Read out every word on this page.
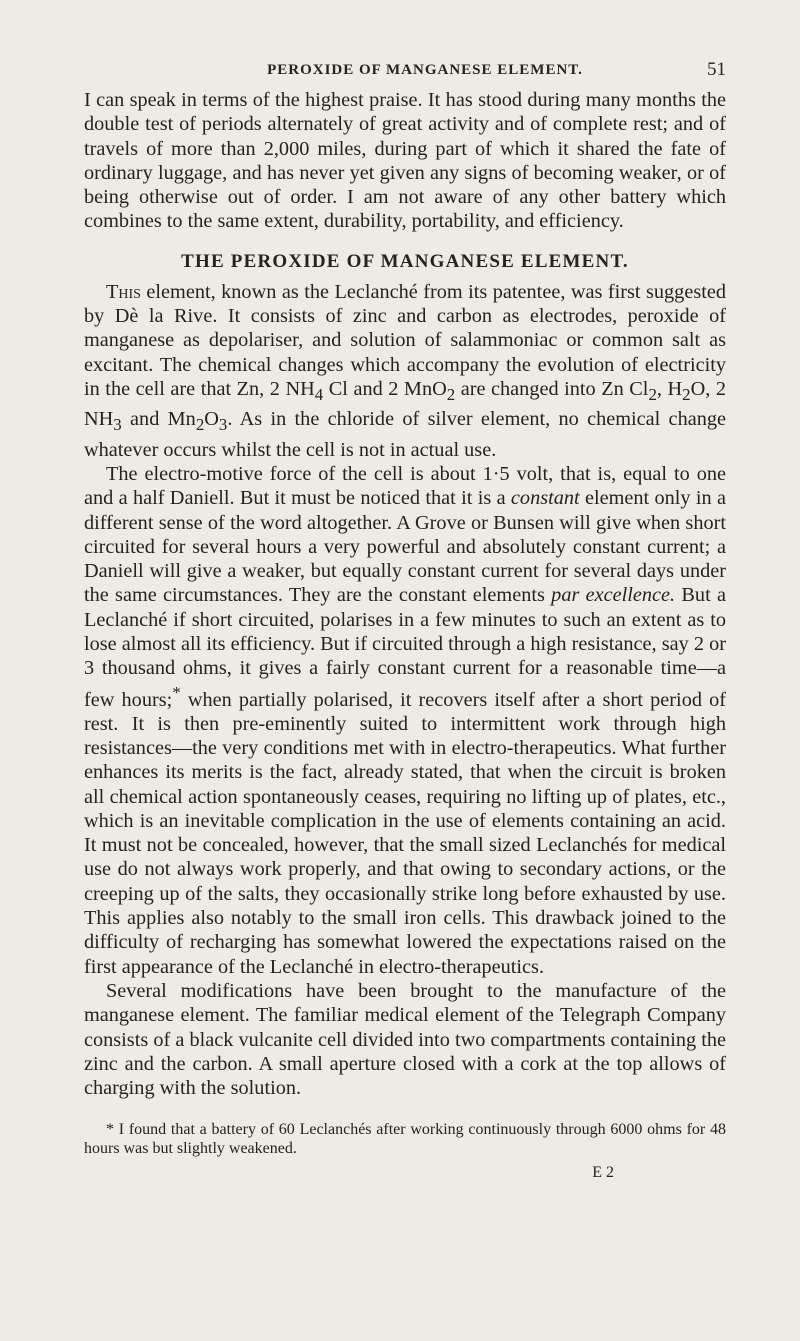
PEROXIDE OF MANGANESE ELEMENT.	51

I can speak in terms of the highest praise. It has stood during many months the double test of periods alternately of great activity and of complete rest; and of travels of more than 2,000 miles, during part of which it shared the fate of ordinary luggage, and has never yet given any signs of becoming weaker, or of being otherwise out of order. I am not aware of any other battery which combines to the same extent, durability, portability, and efficiency.

THE PEROXIDE OF MANGANESE ELEMENT.

This element, known as the Leclanché from its patentee, was first suggested by Dè la Rive. It consists of zinc and carbon as electrodes, peroxide of manganese as depolariser, and solution of salammoniac or common salt as excitant. The chemical changes which accompany the evolution of electricity in the cell are that Zn, 2 $NH_4$ Cl and 2 MnO$_2$ are changed into Zn $Cl_2$, $H_2O$, 2 $NH_3$ and $Mn_2O_3$. As in the chloride of silver element, no chemical change whatever occurs whilst the cell is not in actual use.

The electro-motive force of the cell is about 1·5 volt, that is, equal to one and a half Daniell. But it must be noticed that it is a constant element only in a different sense of the word altogether. A Grove or Bunsen will give when short circuited for several hours a very powerful and absolutely constant current; a Daniell will give a weaker, but equally constant current for several days under the same circumstances. They are the constant elements par excellence. But a Leclanché if short circuited, polarises in a few minutes to such an extent as to lose almost all its efficiency. But if circuited through a high resistance, say 2 or 3 thousand ohms, it gives a fairly constant current for a reasonable time—a few hours;* when partially polarised, it recovers itself after a short period of rest. It is then pre-eminently suited to intermittent work through high resistances—the very conditions met with in electro-therapeutics. What further enhances its merits is the fact, already stated, that when the circuit is broken all chemical action spontaneously ceases, requiring no lifting up of plates, etc., which is an inevitable complication in the use of elements containing an acid. It must not be concealed, however, that the small sized Leclanchés for medical use do not always work properly, and that owing to secondary actions, or the creeping up of the salts, they occasionally strike long before exhausted by use. This applies also notably to the small iron cells. This drawback joined to the difficulty of recharging has somewhat lowered the expectations raised on the first appearance of the Leclanché in electro-therapeutics.

Several modifications have been brought to the manufacture of the manganese element. The familiar medical element of the Telegraph Company consists of a black vulcanite cell divided into two compartments containing the zinc and the carbon. A small aperture closed with a cork at the top allows of charging with the solution.

* I found that a battery of 60 Leclanchés after working continuously through 6000 ohms for 48 hours was but slightly weakened.
E 2
